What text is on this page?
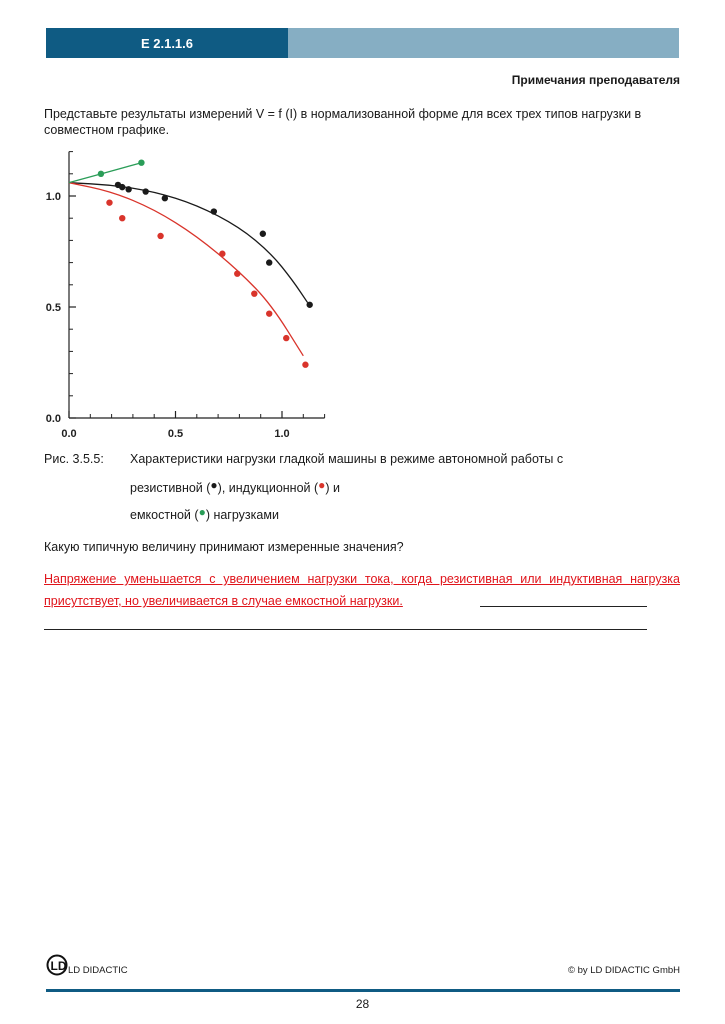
E 2.1.1.6
Примечания преподавателя
Представьте результаты измерений V = f (I) в нормализованной форме для всех трех типов нагрузки в совместном графике.
0.0	0.5	1.0
0.0
0.5
1.0
Рис. 3.5.5: Характеристики нагрузки гладкой машины в режиме автономной работы с
резистивной (●), индукционной (●) и
емкостной (●) нагрузками
Какую типичную величину принимают измеренные значения?
Напряжение уменьшается с увеличением нагрузки тока, когда резистивная или индуктивная нагрузка присутствует, но увеличивается в случае емкостной нагрузки.
LD LD DIDACTIC	© by LD DIDACTIC GmbH
28
